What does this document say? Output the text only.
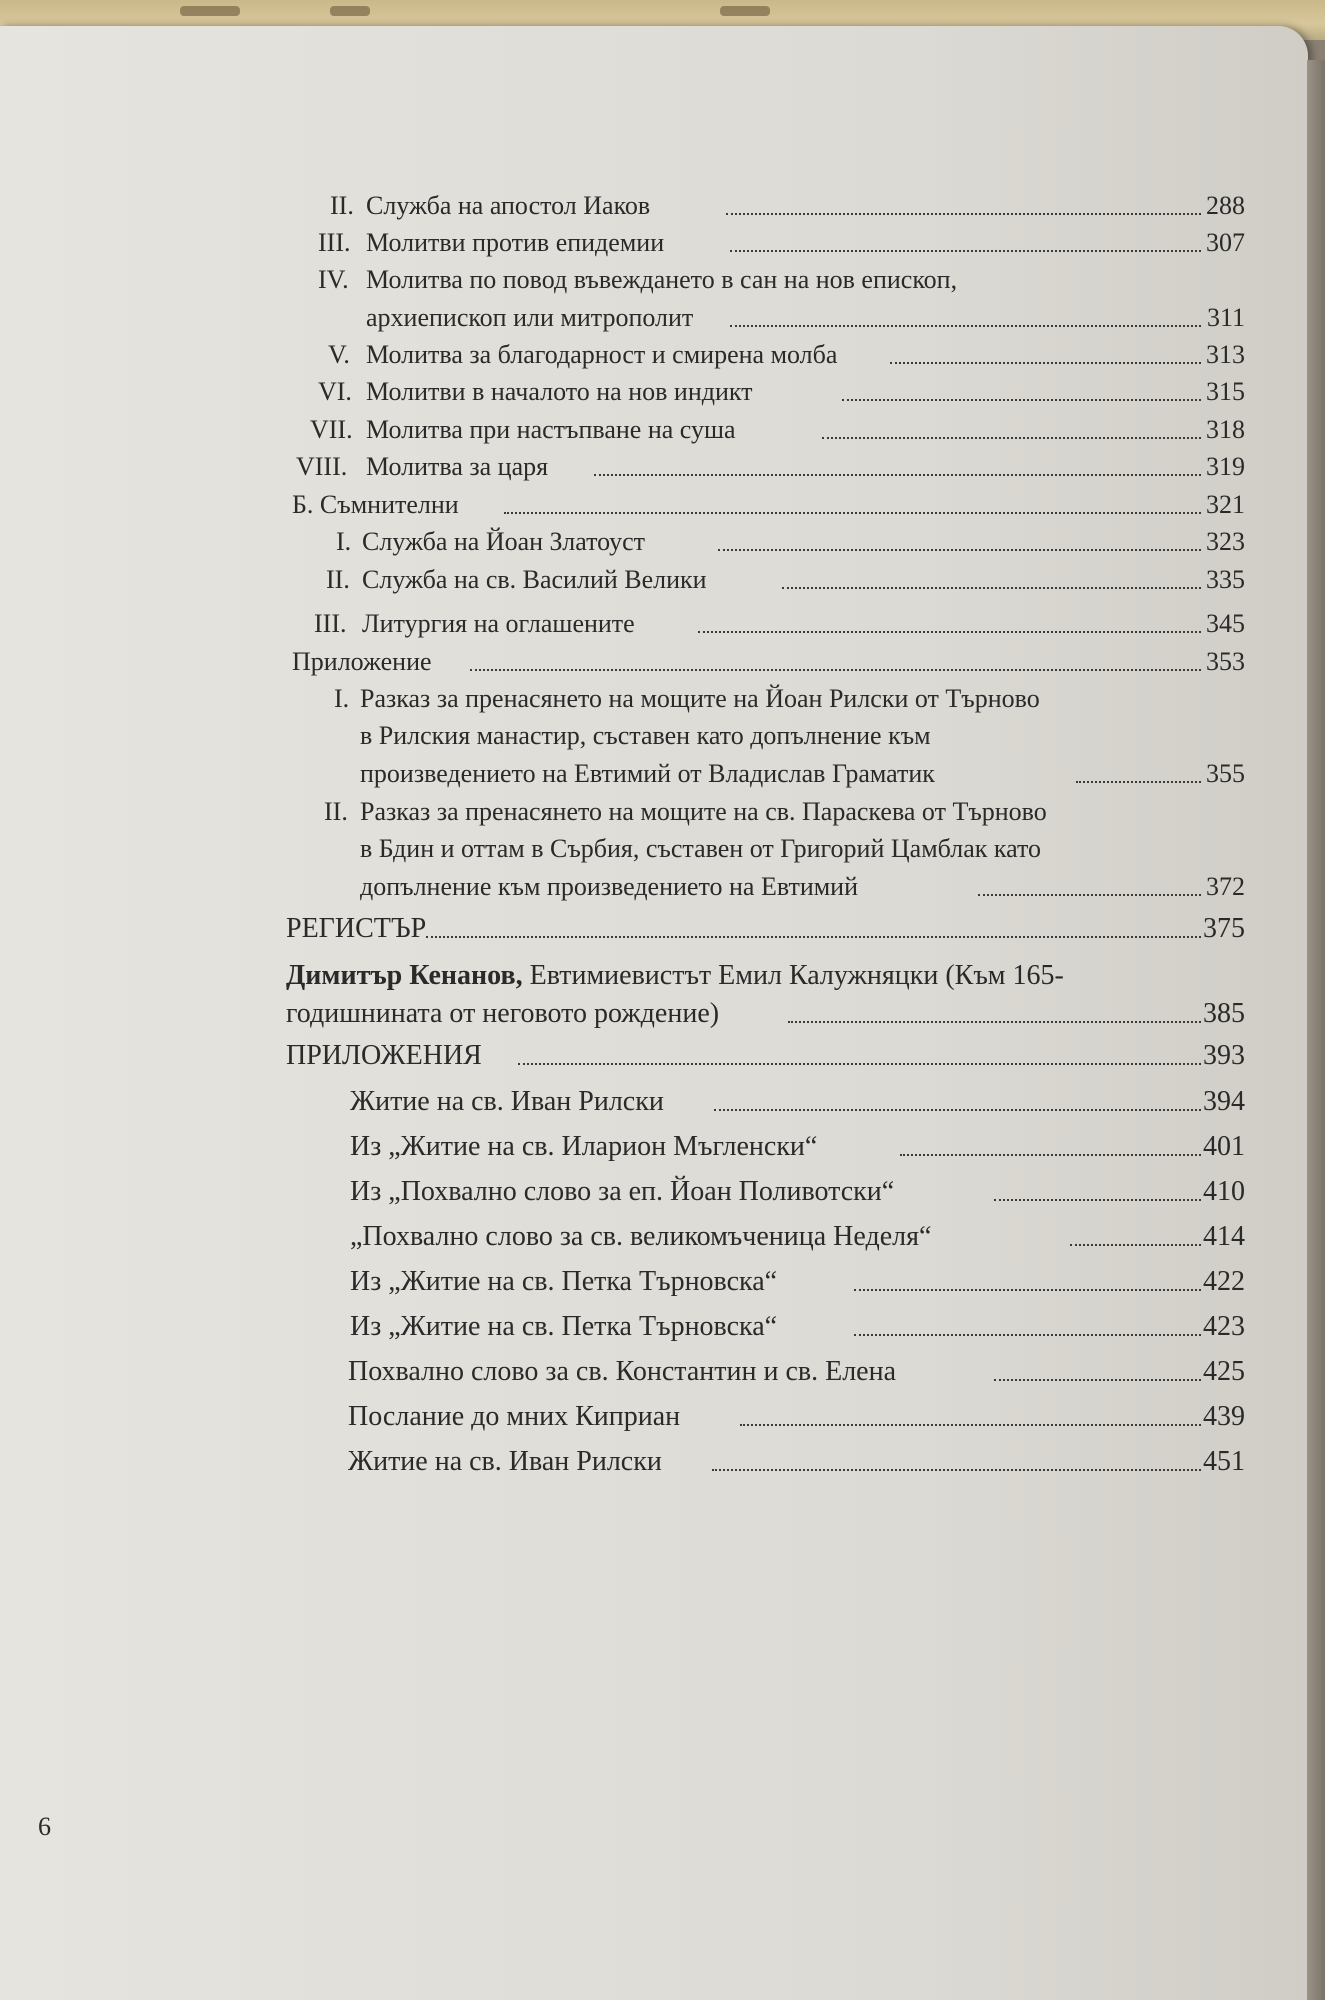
II. Служба на апостол Иаков	288
III. Молитви против епидемии	307
IV. Молитва по повод въвеждането в сан на нов епископ,
архиепископ или митрополит	311
V. Молитва за благодарност и смирена молба	313
VI. Молитви в началото на нов индикт	315
VII. Молитва при настъпване на суша	318
VIII. Молитва за царя	319
Б. Съмнителни	321
I. Служба на Йоан Златоуст	323
II. Служба на св. Василий Велики	335
III. Литургия на оглашените	345
Приложение	353
I. Разказ за пренасянето на мощите на Йоан Рилски от Търново
в Рилския манастир, съставен като допълнение към
произведението на Евтимий от Владислав Граматик	355
II. Разказ за пренасянето на мощите на св. Параскева от Търново
в Бдин и оттам в Сърбия, съставен от Григорий Цамблак като
допълнение към произведението на Евтимий	372
РЕГИСТЪР	375
Димитър Кенанов, Евтимиевистът Емил Калужняцки (Към 165-
годишнината от неговото рождение)	385
ПРИЛОЖЕНИЯ	393
Житие на св. Иван Рилски	394
Из „Житие на св. Иларион Мъгленски“	401
Из „Похвално слово за еп. Йоан Поливотски“	410
„Похвално слово за св. великомъченица Неделя“	414
Из „Житие на св. Петка Търновска“	422
Из „Житие на св. Петка Търновска“	423
Похвално слово за св. Константин и св. Елена	425
Послание до мних Киприан	439
Житие на св. Иван Рилски	451
6
